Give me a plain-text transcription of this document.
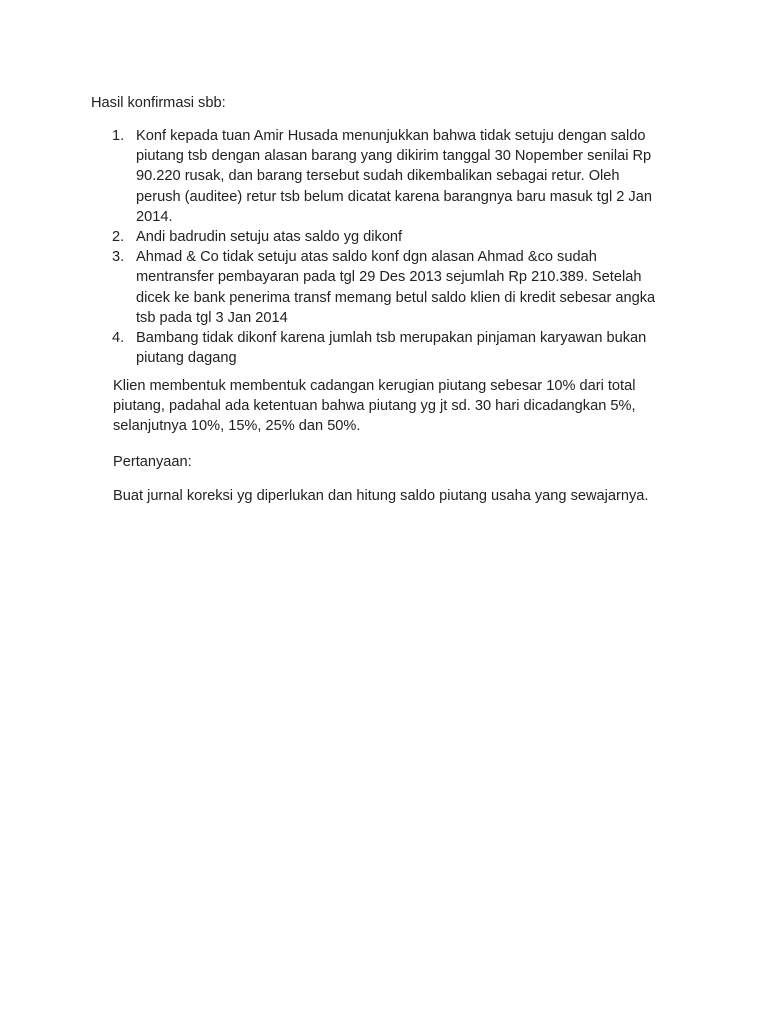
Hasil konfirmasi sbb:

1. Konf kepada tuan Amir Husada menunjukkan bahwa tidak setuju dengan saldo
piutang tsb dengan alasan barang yang dikirim tanggal 30 Nopember senilai Rp
90.220 rusak, dan barang tersebut sudah dikembalikan sebagai retur. Oleh
perush (auditee) retur tsb belum dicatat karena barangnya baru masuk tgl 2 Jan
2014.
2. Andi badrudin setuju atas saldo yg dikonf
3. Ahmad & Co tidak setuju atas saldo konf dgn alasan Ahmad &co sudah
mentransfer pembayaran pada tgl 29 Des 2013 sejumlah Rp 210.389. Setelah
dicek ke bank penerima transf memang betul saldo klien di kredit sebesar angka
tsb pada tgl 3 Jan 2014
4. Bambang tidak dikonf karena jumlah tsb merupakan pinjaman karyawan bukan
piutang dagang
Klien membentuk membentuk cadangan kerugian piutang sebesar 10% dari total
piutang, padahal ada ketentuan bahwa piutang yg jt sd. 30 hari dicadangkan 5%,
selanjutnya 10%, 15%, 25% dan 50%.

Pertanyaan:

Buat jurnal koreksi yg diperlukan dan hitung saldo piutang usaha yang sewajarnya.
